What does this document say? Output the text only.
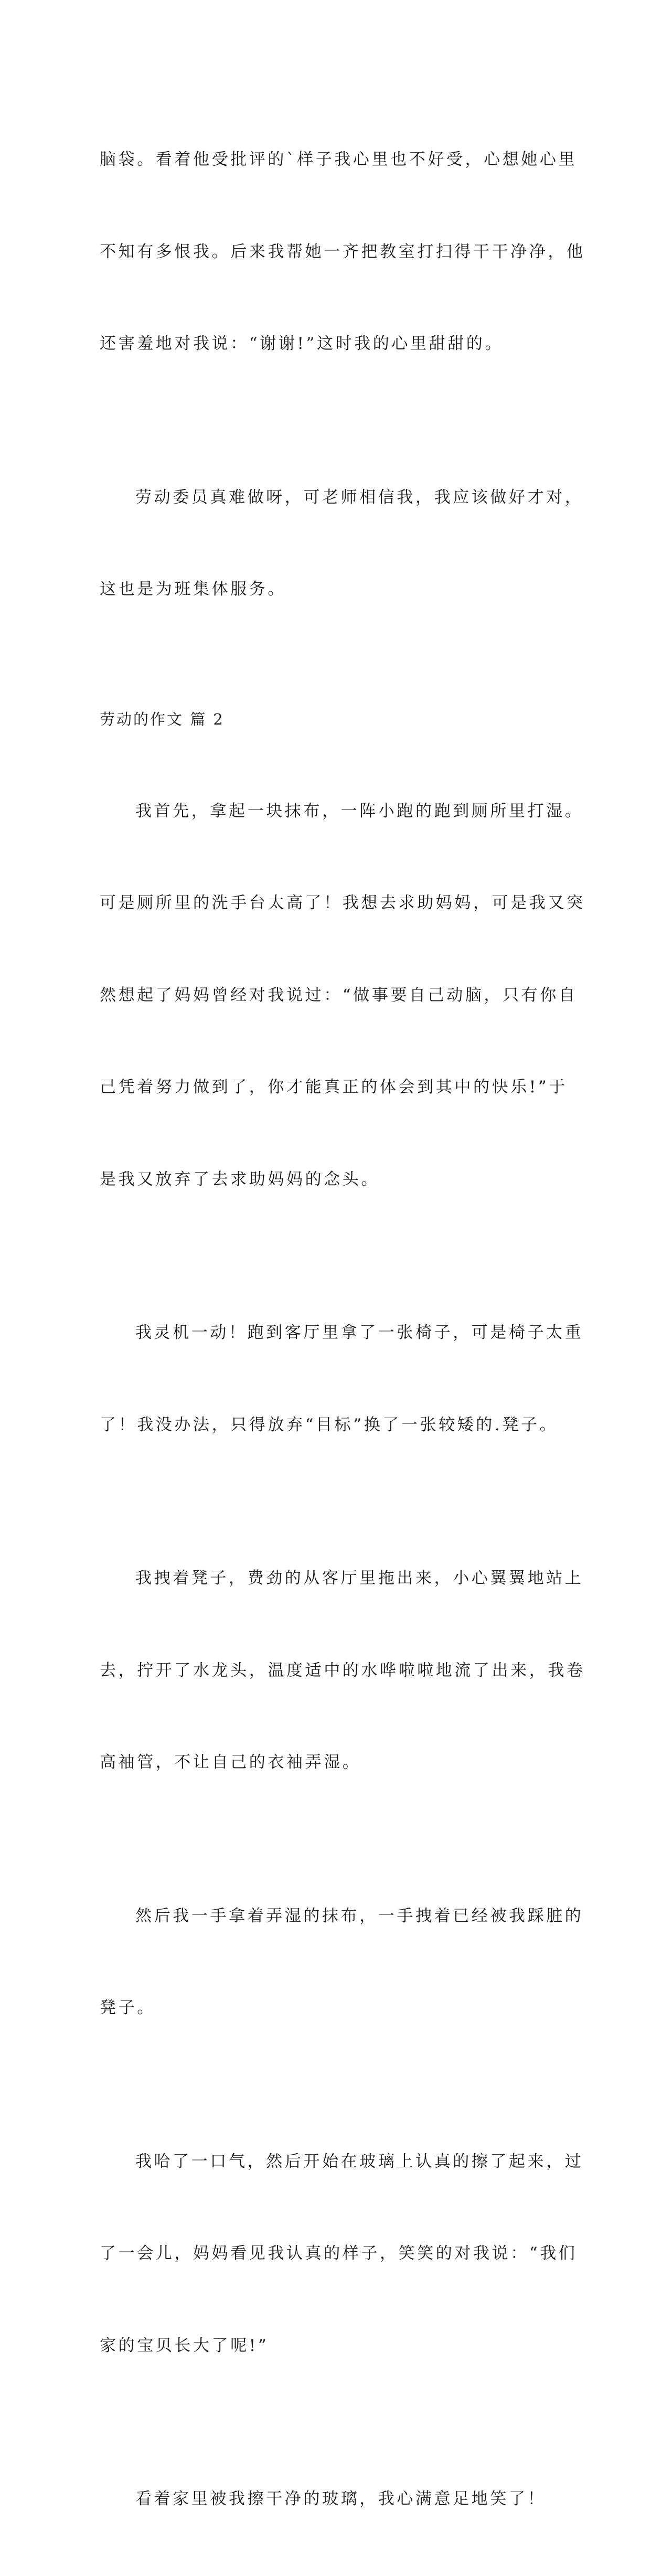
脑袋。看着他受批评的`样子我心里也不好受，心想她心里

不知有多恨我。后来我帮她一齐把教室打扫得干干净净，他

还害羞地对我说：“谢谢!”这时我的心里甜甜的。

劳动委员真难做呀，可老师相信我，我应该做好才对，

这也是为班集体服务。

劳动的作文 篇 2

我首先，拿起一块抹布，一阵小跑的跑到厕所里打湿。

可是厕所里的洗手台太高了！我想去求助妈妈，可是我又突

然想起了妈妈曾经对我说过：“做事要自己动脑，只有你自

己凭着努力做到了，你才能真正的体会到其中的快乐!”于

是我又放弃了去求助妈妈的念头。

我灵机一动！跑到客厅里拿了一张椅子，可是椅子太重

了！我没办法，只得放弃“目标”换了一张较矮的.凳子。

我拽着凳子，费劲的从客厅里拖出来，小心翼翼地站上

去，拧开了水龙头，温度适中的水哗啦啦地流了出来，我卷

高袖管，不让自己的衣袖弄湿。

然后我一手拿着弄湿的抹布，一手拽着已经被我踩脏的

凳子。

我哈了一口气，然后开始在玻璃上认真的擦了起来，过

了一会儿，妈妈看见我认真的样子，笑笑的对我说：“我们

家的宝贝长大了呢!”

看着家里被我擦干净的玻璃，我心满意足地笑了！
